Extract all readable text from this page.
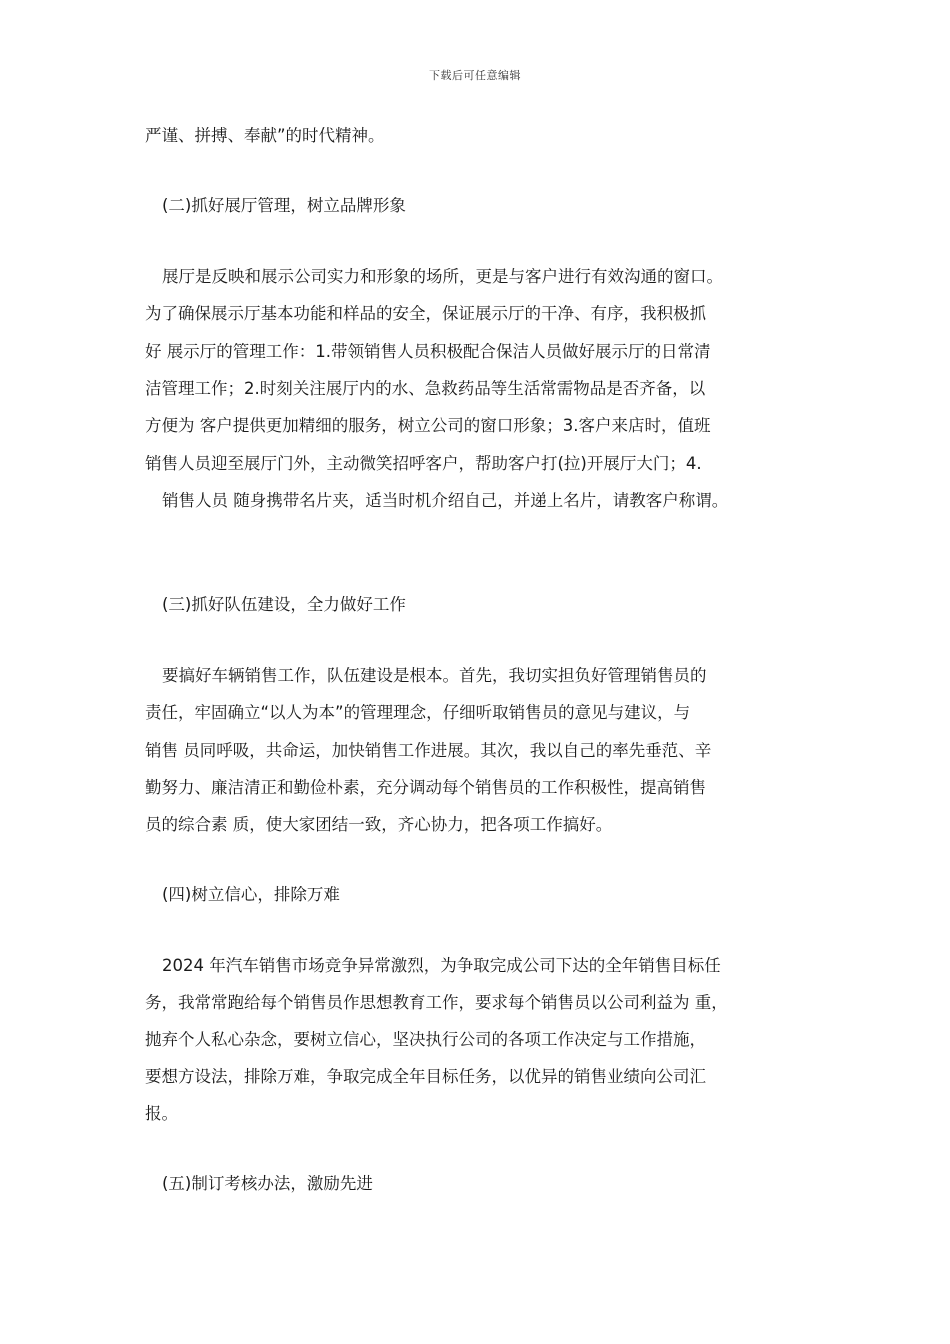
下载后可任意编辑
严谨、拼搏、奉献”的时代精神。
(二)抓好展厅管理，树立品牌形象
展厅是反映和展示公司实力和形象的场所，更是与客户进行有效沟通的窗口。
为了确保展示厅基本功能和样品的安全，保证展示厅的干净、有序，我积极抓
好 展示厅的管理工作：1.带领销售人员积极配合保洁人员做好展示厅的日常清
洁管理工作；2.时刻关注展厅内的水、急救药品等生活常需物品是否齐备，以
方便为 客户提供更加精细的服务，树立公司的窗口形象；3.客户来店时，值班
销售人员迎至展厅门外，主动微笑招呼客户，帮助客户打(拉)开展厅大门；4.
销售人员 随身携带名片夹，适当时机介绍自己，并递上名片，请教客户称谓。
(三)抓好队伍建设，全力做好工作
要搞好车辆销售工作，队伍建设是根本。首先，我切实担负好管理销售员的
责任，牢固确立“以人为本”的管理理念，仔细听取销售员的意见与建议，与
销售 员同呼吸，共命运，加快销售工作进展。其次，我以自己的率先垂范、辛
勤努力、廉洁清正和勤俭朴素，充分调动每个销售员的工作积极性，提高销售
员的综合素 质，使大家团结一致，齐心协力，把各项工作搞好。
(四)树立信心，排除万难
2024 年汽车销售市场竞争异常激烈，为争取完成公司下达的全年销售目标任
务，我常常跑给每个销售员作思想教育工作，要求每个销售员以公司利益为 重，
抛弃个人私心杂念，要树立信心，坚决执行公司的各项工作决定与工作措施，
要想方设法，排除万难，争取完成全年目标任务，以优异的销售业绩向公司汇
报。
(五)制订考核办法，激励先进
